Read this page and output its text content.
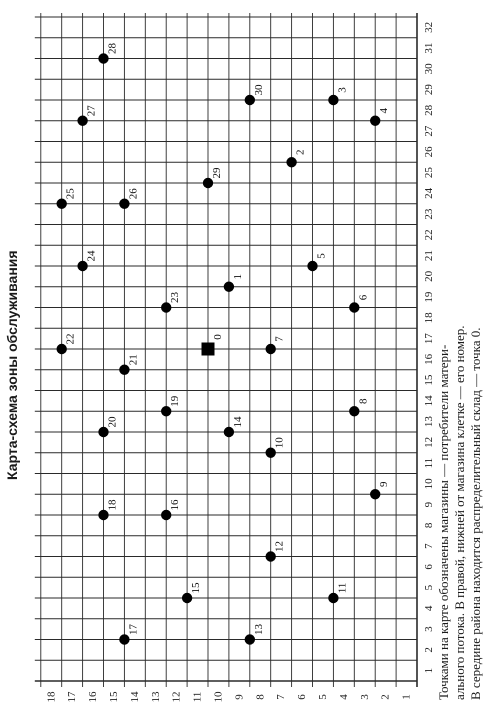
1
2
3
4
5
6
7
8
9
10
11
12
13
14
15
16
17
18
1
2
3
4
5
6
7
8
9
10
11
12
13
14
15
16
17
18
19
20
21
22
23
24
25
26
27
28
29
30
31
32
1
2
3
4
5
6
7
8
9
10
11
12
13
14
15
16
17
18
19
20
21
22
23
24
25	26
27
28
29
30
0
Карта-схема зоны обслуживания	Точками на карте обозначены магазины — потребители матери- ального потока. В правой, нижней от магазина клетке — его номер. В середине района находится распределительный склад — точка 0.
